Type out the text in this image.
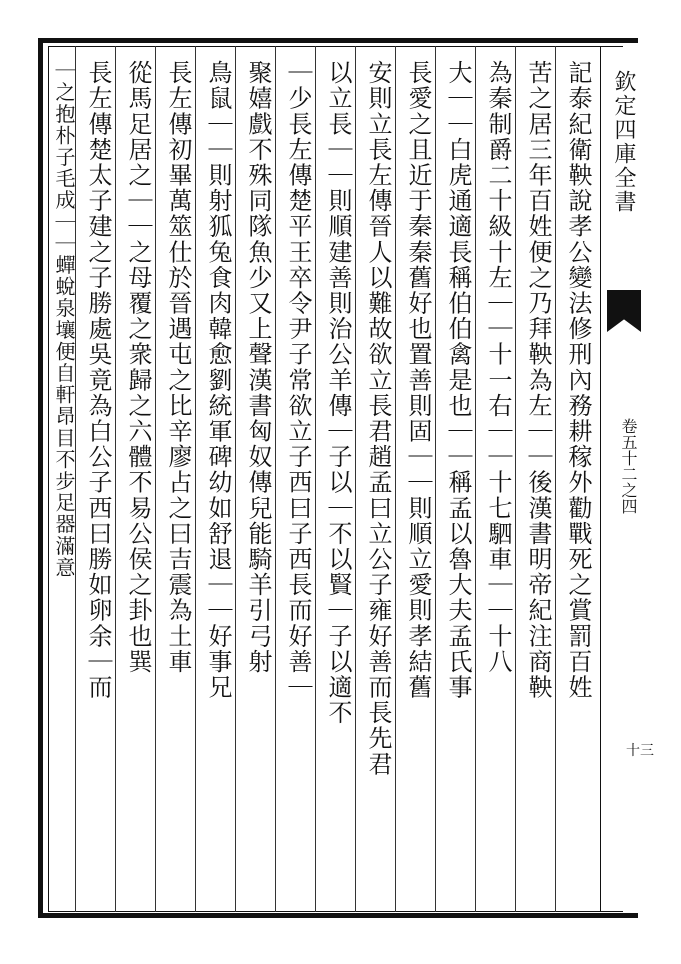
欽定四庫全書
卷五十二之四
十三
記泰紀衛鞅說孝公變法修刑內務耕稼外勸戰死之賞罰百姓
苦之居三年百姓便之乃拜鞅為左｜｜後漢書明帝紀注商鞅
為秦制爵二十級十左｜｜十一右｜｜十七駟車｜｜十八
大｜｜白虎通適長稱伯伯禽是也｜｜稱孟以魯大夫孟氏事
長愛之且近于秦秦舊好也置善則固｜｜則順立愛則孝結舊
安則立長左傳晉人以難故欲立長君趙孟曰立公子雍好善而長先君
以立長｜｜則順建善則治公羊傳｜子以｜不以賢｜子以適不
｜少長左傳楚平王卒令尹子常欲立子西曰子西長而好善｜
聚嬉戲不殊同隊魚少又上聲漢書匈奴傳兒能騎羊引弓射
鳥鼠｜｜則射狐兔食肉韓愈劉統軍碑幼如舒退｜｜好事兄
長左傳初畢萬筮仕於晉遇屯之比辛廖占之曰吉震為土車
從馬足居之｜｜之母覆之衆歸之六體不易公侯之卦也巽
長左傳楚太子建之子勝處吳竟為白公子西曰勝如卵余｜而
｜之抱朴子毛成｜｜蟬蛻泉壤便自軒昂目不步足器滿意
